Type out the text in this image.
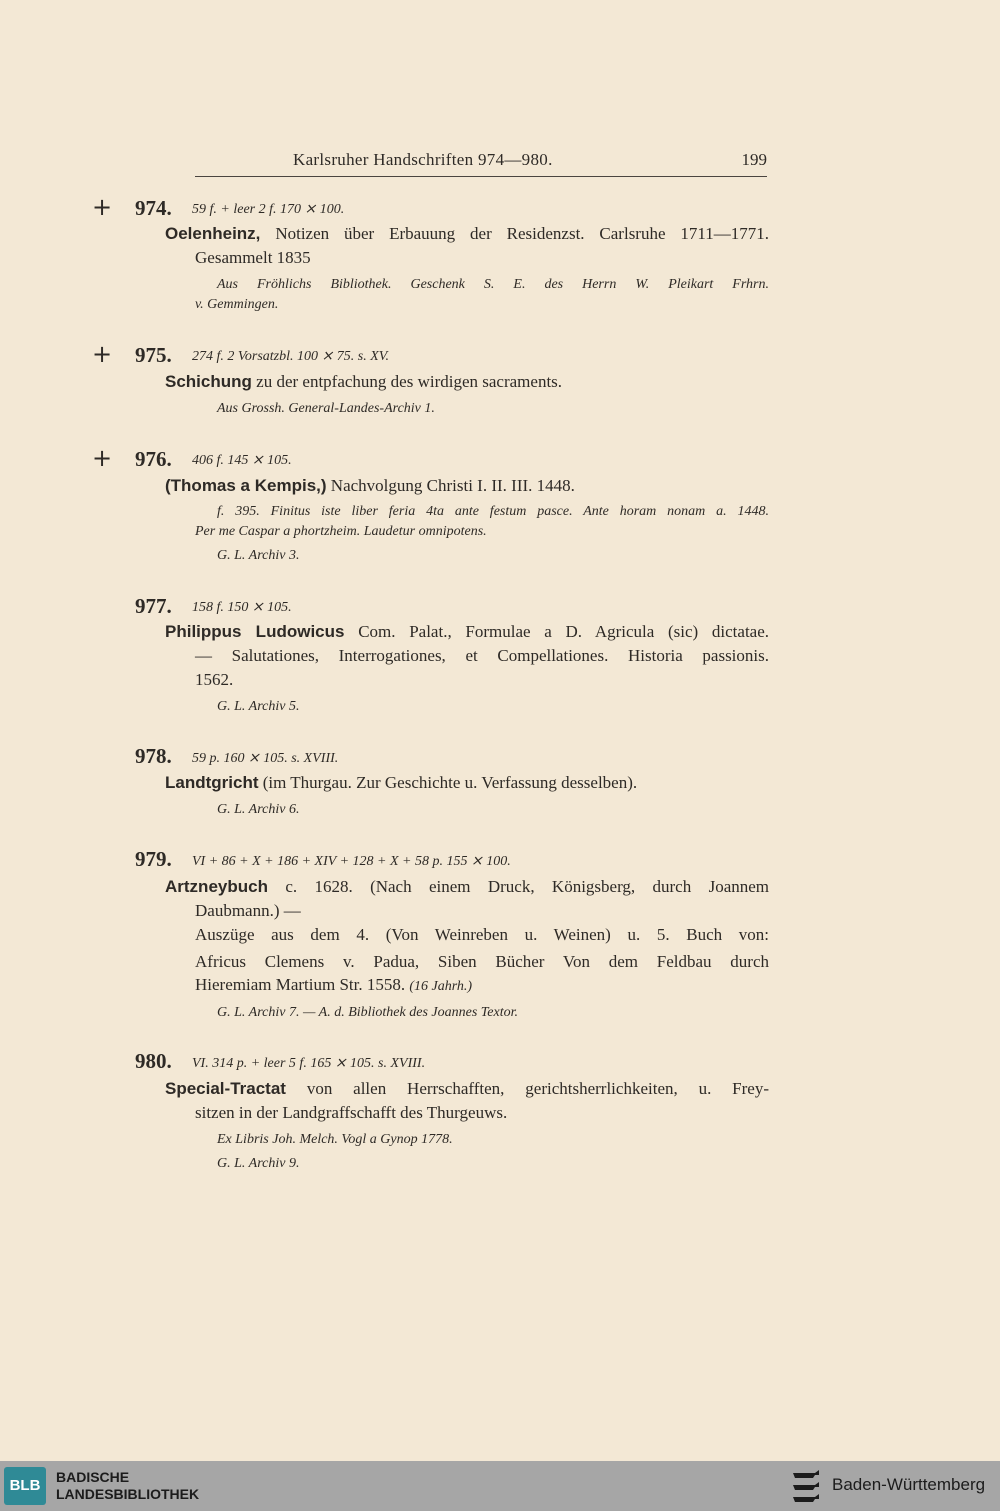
Karlsruher Handschriften 974—980.	199
+ 974. 59 f. + leer 2 f. 170 ⨯ 100.
Oelenheinz, Notizen über Erbauung der Residenzst. Carlsruhe 1711—1771.
Gesammelt 1835
Aus Fröhlichs Bibliothek. Geschenk S. E. des Herrn W. Pleikart Frhrn.
v. Gemmingen.
+ 975. 274 f. 2 Vorsatzbl. 100 ⨯ 75. s. XV.
Schichung zu der entpfachung des wirdigen sacraments.
Aus Grossh. General-Landes-Archiv 1.
+ 976. 406 f. 145 ⨯ 105.
(Thomas a Kempis,) Nachvolgung Christi I. II. III. 1448.
f. 395. Finitus iste liber feria 4ta ante festum pasce. Ante horam nonam a. 1448.
Per me Caspar a phortzheim. Laudetur omnipotens.
G. L. Archiv 3.
977. 158 f. 150 ⨯ 105.
Philippus Ludowicus Com. Palat., Formulae a D. Agricula (sic) dictatae.
— Salutationes, Interrogationes, et Compellationes. Historia passionis.
1562.
G. L. Archiv 5.
978. 59 p. 160 ⨯ 105. s. XVIII.
Landtgricht (im Thurgau. Zur Geschichte u. Verfassung desselben).
G. L. Archiv 6.
979. VI + 86 + X + 186 + XIV + 128 + X + 58 p. 155 ⨯ 100.
Artzneybuch c. 1628. (Nach einem Druck, Königsberg, durch Joannem
Daubmann.) —
Auszüge aus dem 4. (Von Weinreben u. Weinen) u. 5. Buch von:
Africus Clemens v. Padua, Siben Bücher Von dem Feldbau durch
Hieremiam Martium Str. 1558. (16 Jahrh.)
G. L. Archiv 7. — A. d. Bibliothek des Joannes Textor.
980. VI. 314 p. + leer 5 f. 165 ⨯ 105. s. XVIII.
Special-Tractat von allen Herrschafften, gerichtsherrlichkeiten, u. Frey-
sitzen in der Landgraffschafft des Thurgeuws.
Ex Libris Joh. Melch. Vogl a Gynop 1778.
G. L. Archiv 9.
BLB	BADISCHE
LANDESBIBLIOTHEK	Baden-Württemberg
